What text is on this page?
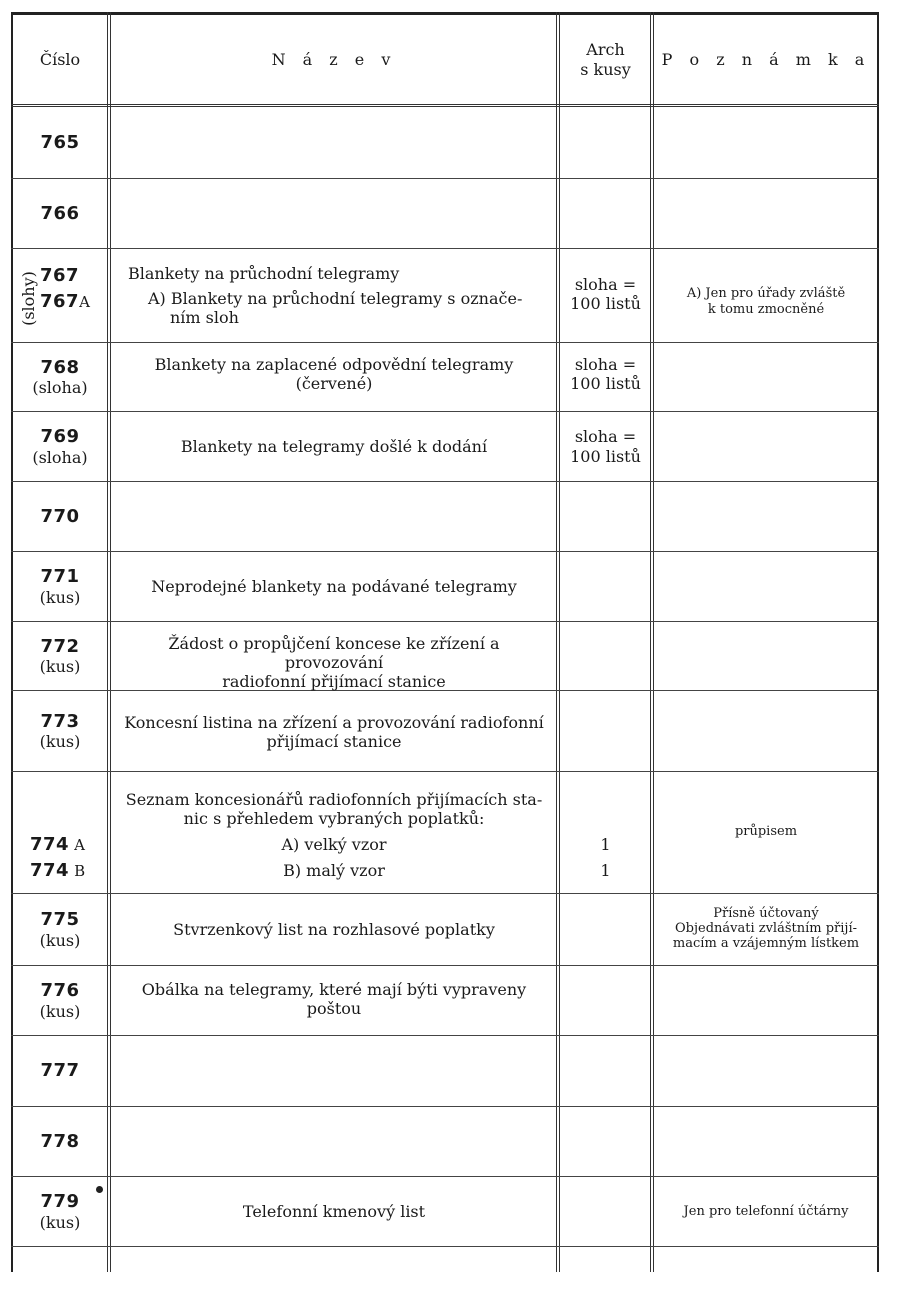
Číslo	N á z e v
Arch
s kusy
P o z n á m k a
765
766
(slohy) 767
767A
Blankety na průchodní telegramy
A) Blankety na průchodní telegramy s označe-
ním sloh
sloha =
100 listů
A) Jen pro úřady zvláště
k tomu zmocněné
768
(sloha)
Blankety na zaplacené odpovědní telegramy
(červené)
sloha =
100 listů
769
(sloha)
Blankety na telegramy došlé k dodání
sloha =
100 listů
770
771
(kus)
Neprodejné blankety na podávané telegramy
772
(kus)
Žádost o propůjčení koncese ke zřízení a provozování
radiofonní přijímací stanice
773
(kus)
Koncesní listina na zřízení a provozování radiofonní
přijímací stanice
774 A
774 B
Seznam koncesionářů radiofonních přijímacích sta-
nic s přehledem vybraných poplatků:
A) velký vzor
B) malý vzor
1
1
průpisem
775
(kus)
Stvrzenkový list na rozhlasové poplatky
Přísně účtovaný
Objednávati zvláštním přijí-
macím a vzájemným lístkem
776
(kus)
Obálka na telegramy, které mají býti vypraveny
poštou
777
778
779
(kus)
Telefonní kmenový list	Jen pro telefonní účtárny
